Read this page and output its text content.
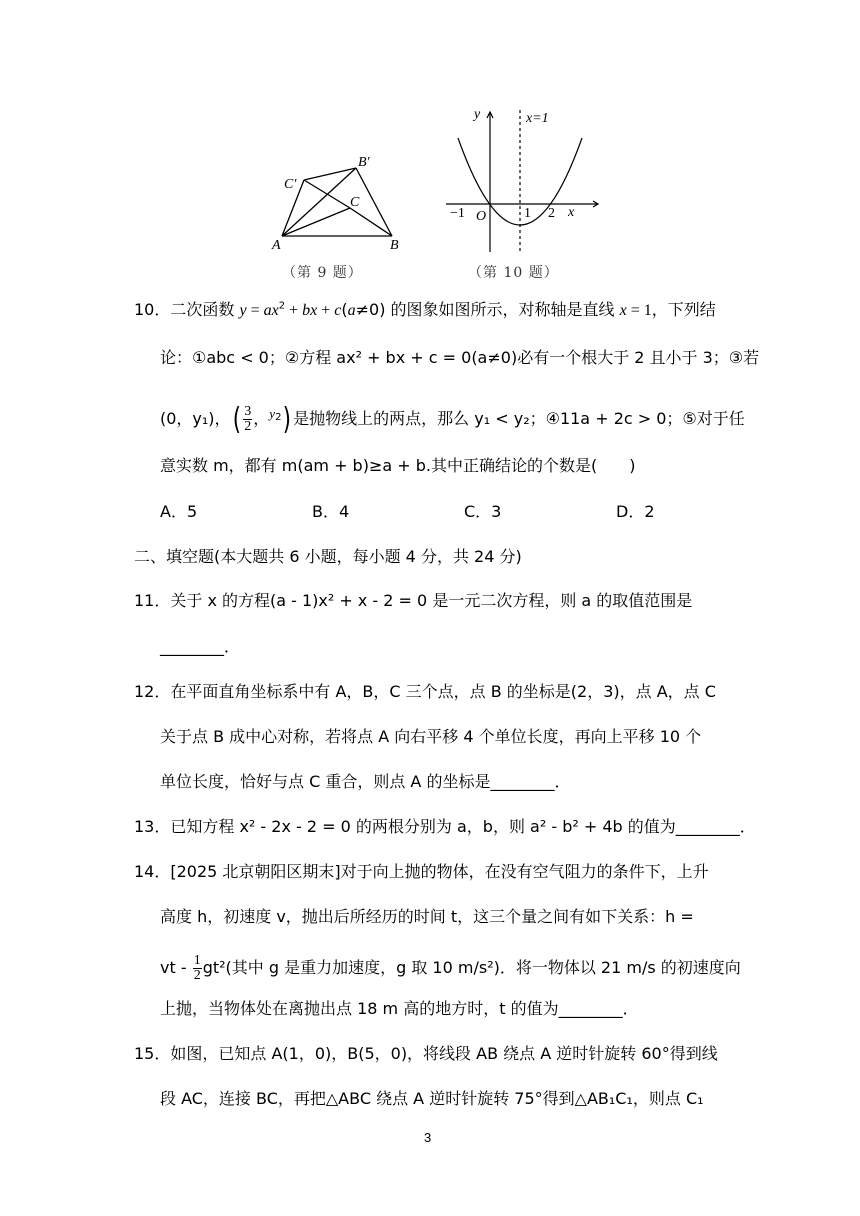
A	B
C
B′
C′
（第 9 题）
y
x
O
−1	1 2
x=1
（第 10 题）
10．二次函数 $y = ax^2$ + bx + c(a≠0) 的图象如图所示，对称轴是直线 x = 1，下列结
论：①abc < 0；②方程 ax² + bx + c = 0(a≠0)必有一个根大于 2 且小于 3；③若
(0，y₁)，( $\frac{3}{2}$ ，$^y_2$) 是抛物线上的两点，那么 y₁ < y₂；④11a + 2c > 0；⑤对于任
意实数 m，都有 m(am + b)≥a + b.其中正确结论的个数是(　　)
A．5	B．4	C．3	D．2
二、填空题(本大题共 6 小题，每小题 4 分，共 24 分)
11．关于 x 的方程(a - 1)x² + x - 2 = 0 是一元二次方程，则 a 的取值范围是
________．
12．在平面直角坐标系中有 A，B，C 三个点，点 B 的坐标是(2，3)，点 A，点 C
关于点 B 成中心对称，若将点 A 向右平移 4 个单位长度，再向上平移 10 个
单位长度，恰好与点 C 重合，则点 A 的坐标是________．
13．已知方程 x² - 2x - 2 = 0 的两根分别为 a，b，则 a² - b² + 4b 的值为________．
14．[2025 北京朝阳区期末]对于向上抛的物体，在没有空气阻力的条件下，上升
高度 h，初速度 v，抛出后所经历的时间 t，这三个量之间有如下关系：h =
vt - $\frac{1}{2} gt^2$(其中 g 是重力加速度，g 取 10 m/s²)．将一物体以 21 m/s 的初速度向
上抛，当物体处在离抛出点 18 m 高的地方时，t 的值为________．
15．如图，已知点 A(1，0)，B(5，0)，将线段 AB 绕点 A 逆时针旋转 60°得到线
段 AC，连接 BC，再把△ABC 绕点 A 逆时针旋转 75°得到△AB₁C₁，则点 C₁
3
